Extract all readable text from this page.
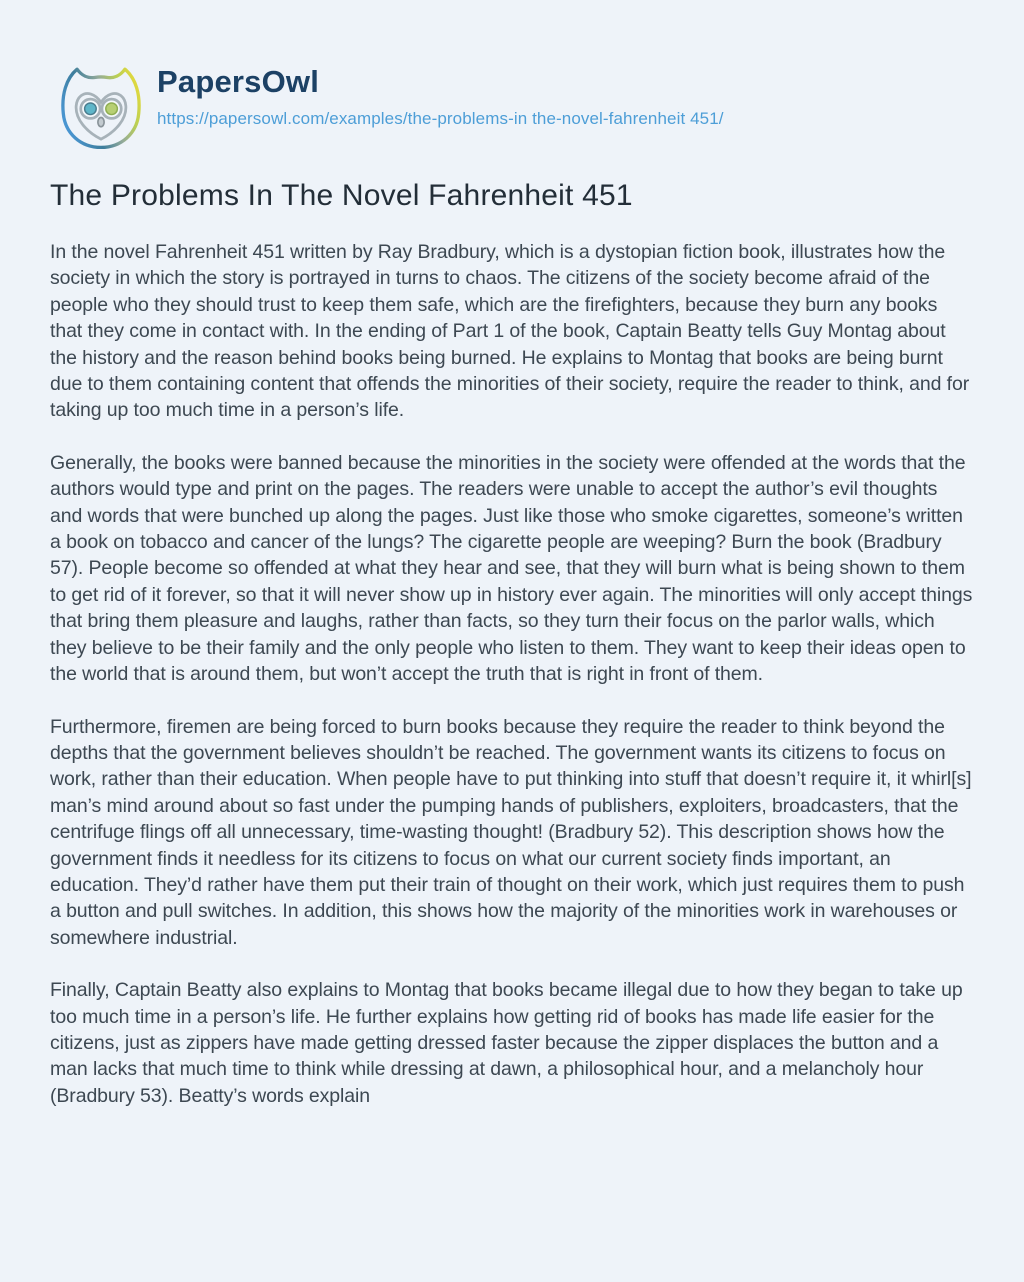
PapersOwl
https://papersowl.com/examples/the-problems-in the-novel-fahrenheit 451/
The Problems In The Novel Fahrenheit 451

In the novel Fahrenheit 451 written by Ray Bradbury, which is a dystopian fiction book, illustrates how the society in which the story is portrayed in turns to chaos. The citizens of the society become afraid of the people who they should trust to keep them safe, which are the firefighters, because they burn any books that they come in contact with. In the ending of Part 1 of the book, Captain Beatty tells Guy Montag about the history and the reason behind books being burned. He explains to Montag that books are being burnt due to them containing content that offends the minorities of their society, require the reader to think, and for taking up too much time in a person’s life.

Generally, the books were banned because the minorities in the society were offended at the words that the authors would type and print on the pages. The readers were unable to accept the author’s evil thoughts and words that were bunched up along the pages. Just like those who smoke cigarettes, someone’s written a book on tobacco and cancer of the lungs? The cigarette people are weeping? Burn the book (Bradbury 57). People become so offended at what they hear and see, that they will burn what is being shown to them to get rid of it forever, so that it will never show up in history ever again. The minorities will only accept things that bring them pleasure and laughs, rather than facts, so they turn their focus on the parlor walls, which they believe to be their family and the only people who listen to them. They want to keep their ideas open to the world that is around them, but won’t accept the truth that is right in front of them.

Furthermore, firemen are being forced to burn books because they require the reader to think beyond the depths that the government believes shouldn’t be reached. The government wants its citizens to focus on work, rather than their education. When people have to put thinking into stuff that doesn’t require it, it whirl[s] man’s mind around about so fast under the pumping hands of publishers, exploiters, broadcasters, that the centrifuge flings off all unnecessary, time-wasting thought! (Bradbury 52). This description shows how the government finds it needless for its citizens to focus on what our current society finds important, an education. They’d rather have them put their train of thought on their work, which just requires them to push a button and pull switches. In addition, this shows how the majority of the minorities work in warehouses or somewhere industrial.

Finally, Captain Beatty also explains to Montag that books became illegal due to how they began to take up too much time in a person’s life. He further explains how getting rid of books has made life easier for the citizens, just as zippers have made getting dressed faster because the zipper displaces the button and a man lacks that much time to think while dressing at dawn, a philosophical hour, and a melancholy hour (Bradbury 53). Beatty’s words explain
